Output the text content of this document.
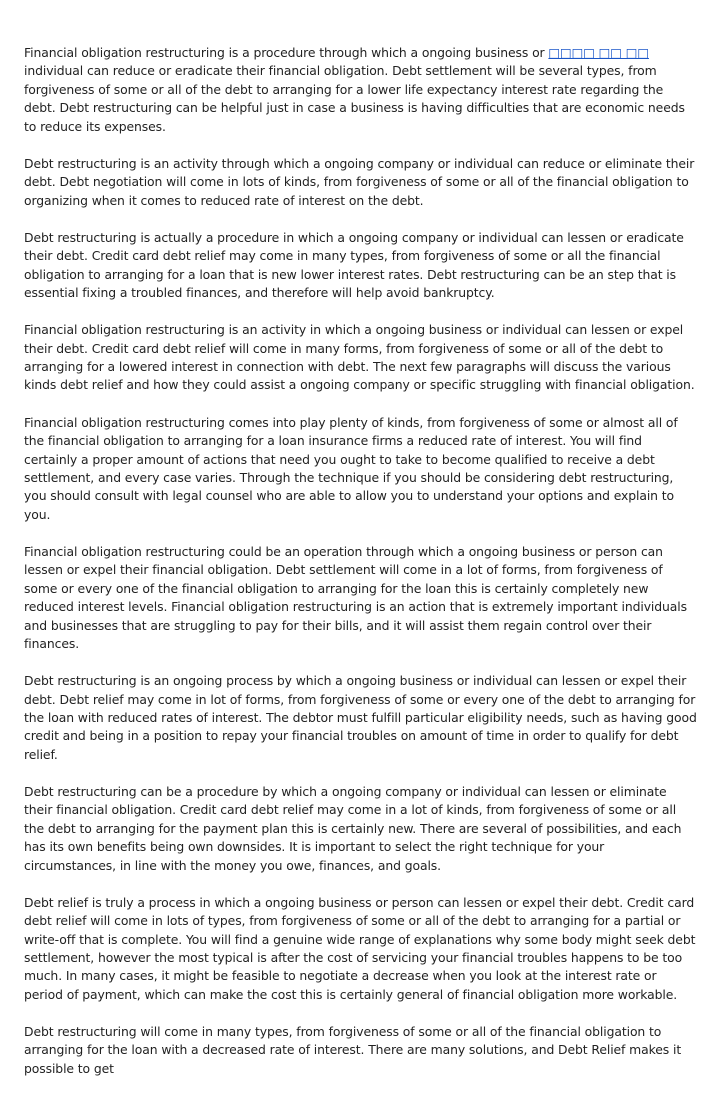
Financial obligation restructuring is a procedure through which a ongoing business or □□□□ □□ □□ individual can reduce or eradicate their financial obligation. Debt settlement will be several types, from forgiveness of some or all of the debt to arranging for a lower life expectancy interest rate regarding the debt. Debt restructuring can be helpful just in case a business is having difficulties that are economic needs to reduce its expenses.

Debt restructuring is an activity through which a ongoing company or individual can reduce or eliminate their debt. Debt negotiation will come in lots of kinds, from forgiveness of some or all of the financial obligation to organizing when it comes to reduced rate of interest on the debt.

Debt restructuring is actually a procedure in which a ongoing company or individual can lessen or eradicate their debt. Credit card debt relief may come in many types, from forgiveness of some or all the financial obligation to arranging for a loan that is new lower interest rates. Debt restructuring can be an step that is essential fixing a troubled finances, and therefore will help avoid bankruptcy.

Financial obligation restructuring is an activity in which a ongoing business or individual can lessen or expel their debt. Credit card debt relief will come in many forms, from forgiveness of some or all of the debt to arranging for a lowered interest in connection with debt. The next few paragraphs will discuss the various kinds debt relief and how they could assist a ongoing company or specific struggling with financial obligation.

Financial obligation restructuring comes into play plenty of kinds, from forgiveness of some or almost all of the financial obligation to arranging for a loan insurance firms a reduced rate of interest. You will find certainly a proper amount of actions that need you ought to take to become qualified to receive a debt settlement, and every case varies. Through the technique if you should be considering debt restructuring, you should consult with legal counsel who are able to allow you to understand your options and explain to you.

Financial obligation restructuring could be an operation through which a ongoing business or person can lessen or expel their financial obligation. Debt settlement will come in a lot of forms, from forgiveness of some or every one of the financial obligation to arranging for the loan this is certainly completely new reduced interest levels. Financial obligation restructuring is an action that is extremely important individuals and businesses that are struggling to pay for their bills, and it will assist them regain control over their finances.

Debt restructuring is an ongoing process by which a ongoing business or individual can lessen or expel their debt. Debt relief may come in lot of forms, from forgiveness of some or every one of the debt to arranging for the loan with reduced rates of interest. The debtor must fulfill particular eligibility needs, such as having good credit and being in a position to repay your financial troubles on amount of time in order to qualify for debt relief.

Debt restructuring can be a procedure by which a ongoing company or individual can lessen or eliminate their financial obligation. Credit card debt relief may come in a lot of kinds, from forgiveness of some or all the debt to arranging for the payment plan this is certainly new. There are several of possibilities, and each has its own benefits being own downsides. It is important to select the right technique for your circumstances, in line with the money you owe, finances, and goals.

Debt relief is truly a process in which a ongoing business or person can lessen or expel their debt. Credit card debt relief will come in lots of types, from forgiveness of some or all of the debt to arranging for a partial or write-off that is complete. You will find a genuine wide range of explanations why some body might seek debt settlement, however the most typical is after the cost of servicing your financial troubles happens to be too much. In many cases, it might be feasible to negotiate a decrease when you look at the interest rate or period of payment, which can make the cost this is certainly general of financial obligation more workable.

Debt restructuring will come in many types, from forgiveness of some or all of the financial obligation to arranging for the loan with a decreased rate of interest. There are many solutions, and Debt Relief makes it possible to get
